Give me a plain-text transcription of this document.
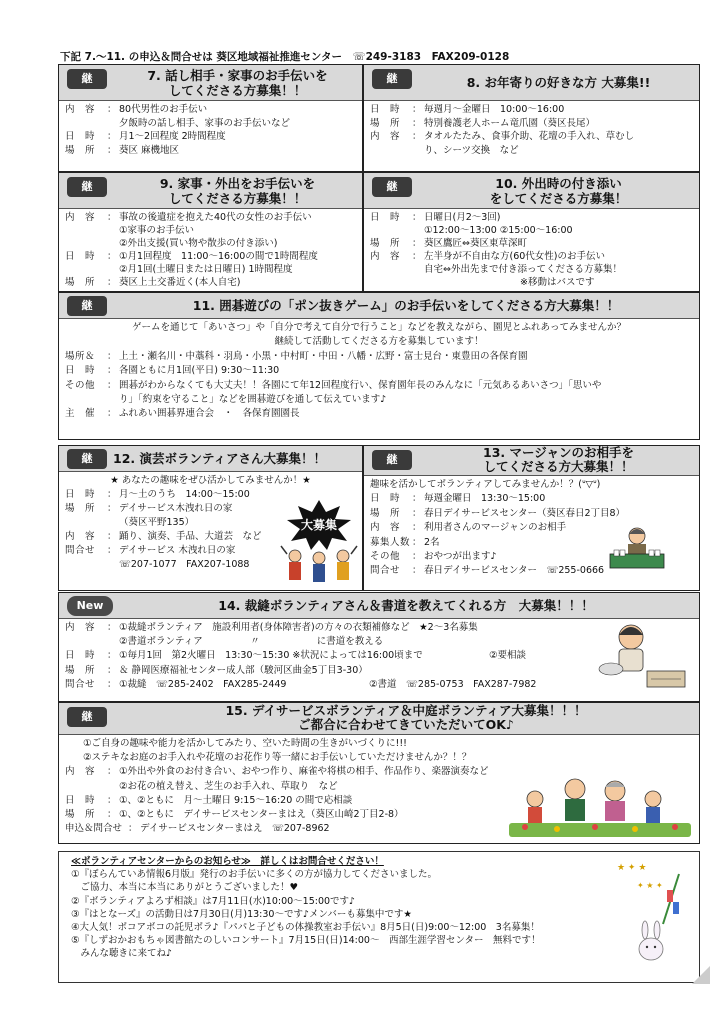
下記 7.～11. の申込＆問合せは 葵区地域福祉推進センター　☏249-3183　FAX209-0128
継	7. 話し相手・家事のお手伝いを
してくださる方募集！！
内　容	： 80代男性のお手伝い
夕飯時の話し相手、家事のお手伝いなど
日　時	： 月1～2回程度 2時間程度
場　所	： 葵区 麻機地区
継	8. お年寄りの好きな方 大募集!!
日　時	： 毎週月～金曜日　10:00～16:00
場　所	： 特別養護老人ホーム竜爪園（葵区長尾）
内　容	： タオルたたみ、食事介助、花壇の手入れ、草むし
り、シーツ交換　など
継	9. 家事・外出をお手伝いを
してくださる方募集！！
内　容	： 事故の後遺症を抱えた40代の女性のお手伝い
①家事のお手伝い
②外出支援(買い物や散歩の付き添い)
日　時	： ①月1回程度　11:00～16:00の間で1時間程度
②月1回(土曜日または日曜日) 1時間程度
場　所	： 葵区上土交番近く(本人自宅)
継	10. 外出時の付き添い
をしてくださる方募集！
日　時	： 日曜日(月2～3回)
①12:00～13:00 ②15:00～16:00
場　所	： 葵区鷹匠⇔葵区東草深町
内　容	： 左半身が不自由な方(60代女性)のお手伝い
自宅⇔外出先まで付き添ってくださる方募集！
※移動はバスです
継	11. 囲碁遊びの「ポン抜きゲーム」のお手伝いをしてくださる方大募集！！
ゲームを通じて「あいさつ」や「自分で考えて自分で行うこと」などを教えながら、園児とふれあってみませんか？
継続して活動してくださる方を募集しています！
場所＆	： 上土・瀬名川・中藁科・羽鳥・小黒・中村町・中田・八幡・広野・富士見台・東豊田の各保育園
日　時	： 各園ともに月1回(平日) 9:30～11:30
その他	： 囲碁がわからなくても大丈夫！！各園にて年12回程度行い、保育園年長のみんなに「元気あるあいさつ」「思いや
り」「約束を守ること」などを囲碁遊びを通して伝えています♪
主　催	： ふれあい囲碁界連合会　・　各保育園園長
継	12. 演芸ボランティアさん大募集！！
★ あなたの趣味をぜひ活かしてみませんか！★
日　時	： 月～土のうち　14:00～15:00
場　所	： デイサービス木洩れ日の家
（葵区平野135）
内　容	： 踊り、演奏、手品、大道芸　など
問合せ	： デイサービス 木洩れ日の家
☏207-1077　FAX207-1088
大募集
継	13. マージャンのお相手を
してくださる方大募集！！
趣味を活かしてボランティアしてみませんか！？(ᐡ▽ᐡ)
日　時	： 毎週金曜日　13:30～15:00
場　所	： 春日デイサービスセンター（葵区春日2丁目8）
内　容	： 利用者さんのマージャンのお相手
募集人数 ： 2名
その他	： おやつが出ます♪
問合せ	： 春日デイサービスセンター　☏255-0666
New	14. 裁縫ボランティアさん＆書道を教えてくれる方　大募集！！！
内　容	： ①裁縫ボランティア　施設利用者(身体障害者)の方々の衣類補修など　★2～3名募集
②書道ボランティア　　　　　〃　　　　　　に書道を教える
日　時	： ①毎月1回　第2火曜日　13:30～15:30 ※状況によっては16:00頃まで	②要相談
場　所	： ＆ 静岡医療福祉センター成人部（駿河区曲金5丁目3-30）
問合せ	： ①裁縫　☏285-2402　FAX285-2449	②書道　☏285-0753　FAX287-7982
継	15. デイサービスボランティア＆中庭ボランティア大募集！！！
ご都合に合わせてきていただいてOK♪
①ご自身の趣味や能力を活かしてみたり、空いた時間の生きがいづくりに!!!
②ステキなお庭のお手入れや花壇のお花作り等一緒にお手伝いしていただけませんか？！？
内　容	： ①外出や外食のお付き合い、おやつ作り、麻雀や将棋の相手、作品作り、楽器演奏など
②お花の植え替え、芝生のお手入れ、草取り　など
日　時	： ①、②ともに　月～土曜日 9:15～16:20 の間で応相談
場　所	： ①、②ともに　デイサービスセンターまはえ（葵区山崎2丁目2-8）
申込＆問合せ ： デイサービスセンターまはえ　☏207-8962
≪ボランティアセンターからのお知らせ≫　詳しくはお問合せください！
①『ぼらんていあ情報6月版』発行のお手伝いに多くの方が協力してくださいました。
　ご協力、本当に本当にありがとうございました！♥
②『ボランティアよろず相談』は7月11日(水)10:00～15:00です♪
③『はとなーズ』の活動日は7月30日(月)13:30～です♪メンバーも募集中です★
④大人気！ボコアボコの託児ボラ♪『パパと子どもの体操教室お手伝い』8月5日(日)9:00～12:00　3名募集！
⑤『しずおかおもちゃ図書館たのしいコンサート』7月15日(日)14:00～　西部生涯学習センター　無料です！
　みんな聴きに来てね♪
★ ✦ ★
✦ ★ ✦
